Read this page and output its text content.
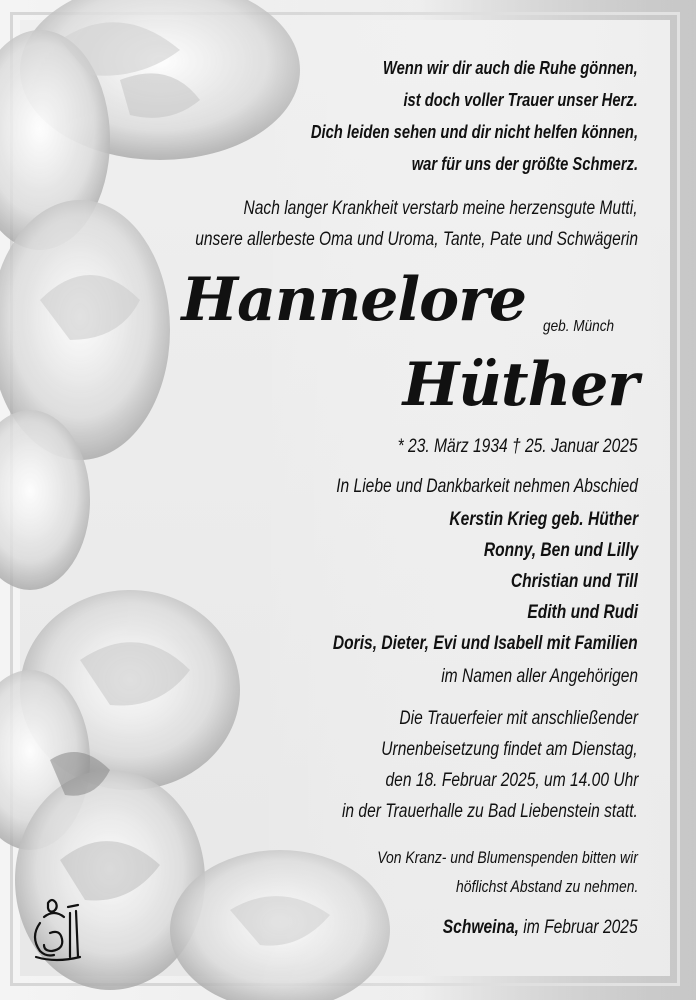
Wenn wir dir auch die Ruhe gönnen,
ist doch voller Trauer unser Herz.
Dich leiden sehen und dir nicht helfen können,
war für uns der größte Schmerz.
Nach langer Krankheit verstarb meine herzensgute Mutti,
unsere allerbeste Oma und Uroma, Tante, Pate und Schwägerin
Hannelore geb. Münch
Hüther
* 23. März 1934 † 25. Januar 2025
In Liebe und Dankbarkeit nehmen Abschied
Kerstin Krieg geb. Hüther
Ronny, Ben und Lilly
Christian und Till
Edith und Rudi
Doris, Dieter, Evi und Isabell mit Familien
im Namen aller Angehörigen
Die Trauerfeier mit anschließender
Urnenbeisetzung findet am Dienstag,
den 18. Februar 2025, um 14.00 Uhr
in der Trauerhalle zu Bad Liebenstein statt.
Von Kranz- und Blumenspenden bitten wir
höflichst Abstand zu nehmen.
Schweina, im Februar 2025
